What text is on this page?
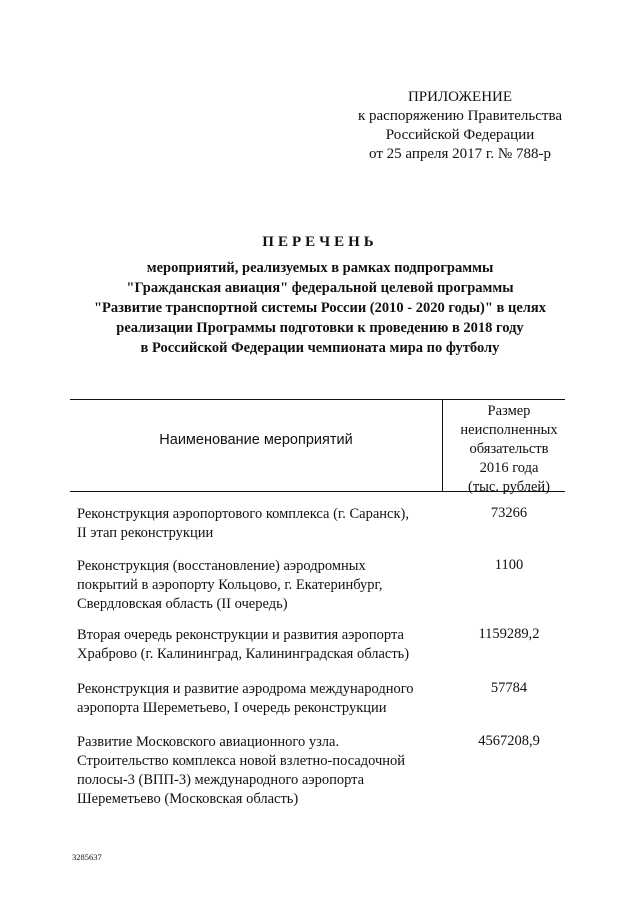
ПРИЛОЖЕНИЕ
к распоряжению Правительства
Российской Федерации
от 25 апреля 2017 г. № 788-р
ПЕРЕЧЕНЬ
мероприятий, реализуемых в рамках подпрограммы
"Гражданская авиация" федеральной целевой программы
"Развитие транспортной системы России (2010 - 2020 годы)" в целях
реализации Программы подготовки к проведению в 2018 году
в Российской Федерации чемпионата мира по футболу
Наименование мероприятий
Размер
неисполненных
обязательств
2016 года
(тыс. рублей)
Реконструкция аэропортового комплекса (г. Саранск),
II этап реконструкции
73266
Реконструкция (восстановление) аэродромных
покрытий в аэропорту Кольцово, г. Екатеринбург,
Свердловская область (II очередь)
1100
Вторая очередь реконструкции и развития аэропорта
Храброво (г. Калининград, Калининградская область)
1159289,2
Реконструкция и развитие аэродрома международного
аэропорта Шереметьево, I очередь реконструкции
57784
Развитие Московского авиационного узла.
Строительство комплекса новой взлетно-посадочной
полосы-3 (ВПП-3) международного аэропорта
Шереметьево (Московская область)
4567208,9
3285637
